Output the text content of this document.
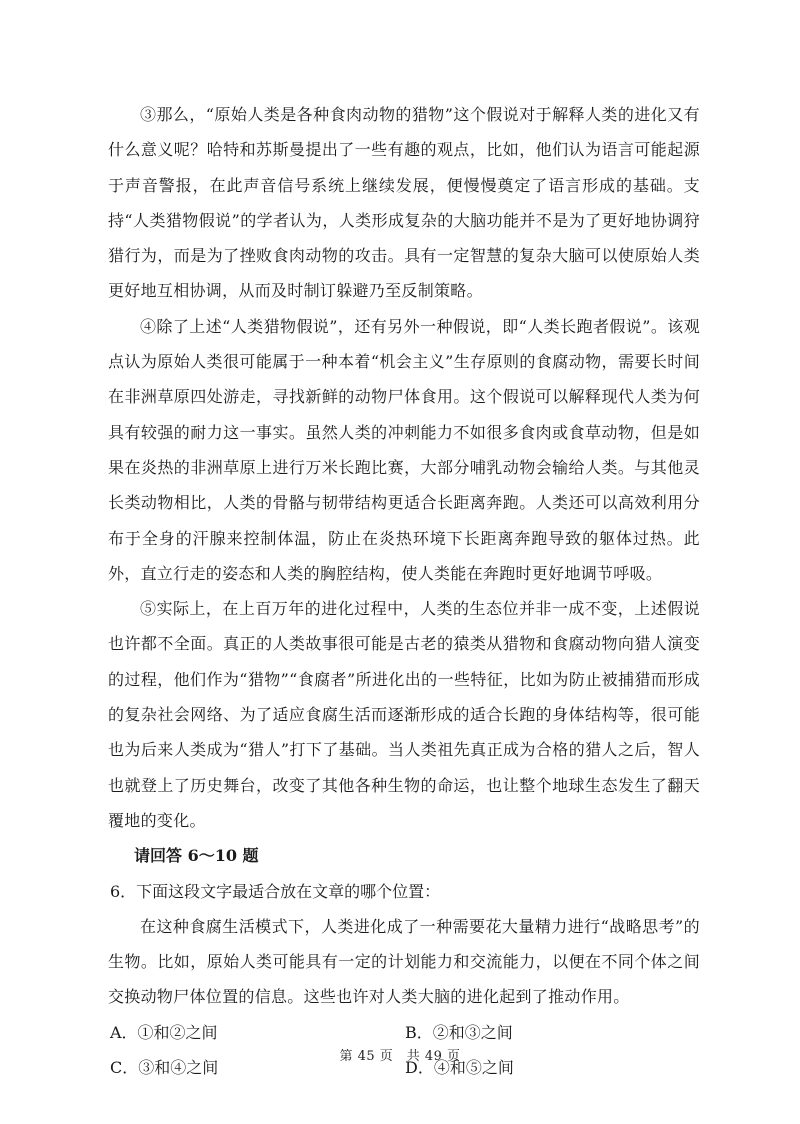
③那么，“原始人类是各种食肉动物的猎物”这个假说对于解释人类的进化又有什么意义呢？哈特和苏斯曼提出了一些有趣的观点，比如，他们认为语言可能起源于声音警报，在此声音信号系统上继续发展，便慢慢奠定了语言形成的基础。支持“人类猎物假说”的学者认为，人类形成复杂的大脑功能并不是为了更好地协调狩猎行为，而是为了挫败食肉动物的攻击。具有一定智慧的复杂大脑可以使原始人类更好地互相协调，从而及时制订躲避乃至反制策略。

④除了上述“人类猎物假说”，还有另外一种假说，即“人类长跑者假说”。该观点认为原始人类很可能属于一种本着“机会主义”生存原则的食腐动物，需要长时间在非洲草原四处游走，寻找新鲜的动物尸体食用。这个假说可以解释现代人类为何具有较强的耐力这一事实。虽然人类的冲刺能力不如很多食肉或食草动物，但是如果在炎热的非洲草原上进行万米长跑比赛，大部分哺乳动物会输给人类。与其他灵长类动物相比，人类的骨骼与韧带结构更适合长距离奔跑。人类还可以高效利用分布于全身的汗腺来控制体温，防止在炎热环境下长距离奔跑导致的躯体过热。此外，直立行走的姿态和人类的胸腔结构，使人类能在奔跑时更好地调节呼吸。

⑤实际上，在上百万年的进化过程中，人类的生态位并非一成不变，上述假说也许都不全面。真正的人类故事很可能是古老的猿类从猎物和食腐动物向猎人演变的过程，他们作为“猎物”“食腐者”所进化出的一些特征，比如为防止被捕猎而形成的复杂社会网络、为了适应食腐生活而逐渐形成的适合长跑的身体结构等，很可能也为后来人类成为“猎人”打下了基础。当人类祖先真正成为合格的猎人之后，智人也就登上了历史舞台，改变了其他各种生物的命运，也让整个地球生态发生了翻天覆地的变化。

请回答 6～10 题

6．下面这段文字最适合放在文章的哪个位置：

在这种食腐生活模式下，人类进化成了一种需要花大量精力进行“战略思考”的生物。比如，原始人类可能具有一定的计划能力和交流能力，以便在不同个体之间交换动物尸体位置的信息。这些也许对人类大脑的进化起到了推动作用。

A．①和②之间	B．②和③之间
C．③和④之间	D．④和⑤之间
第 45 页　共 49 页
